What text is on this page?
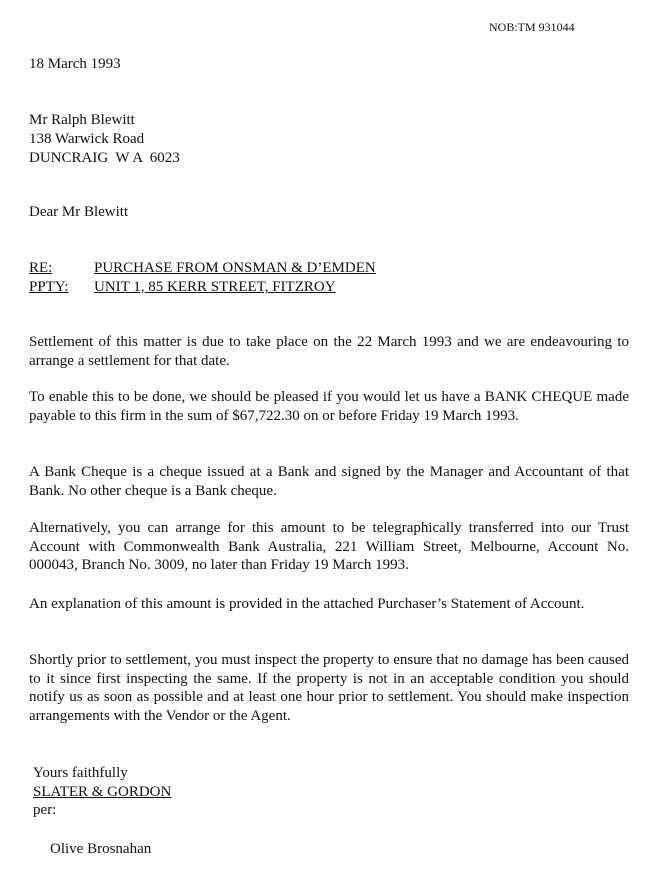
NOB:TM 931044
18 March 1993
Mr Ralph Blewitt
138 Warwick Road
DUNCRAIG  W A  6023
Dear Mr Blewitt
RE:	PURCHASE FROM ONSMAN & D’EMDEN
PPTY:	UNIT 1, 85 KERR STREET, FITZROY
Settlement of this matter is due to take place on the 22 March 1993 and we are endeavouring to arrange a settlement for that date.
To enable this to be done, we should be pleased if you would let us have a BANK CHEQUE made payable to this firm in the sum of $67,722.30 on or before Friday 19 March 1993.
A Bank Cheque is a cheque issued at a Bank and signed by the Manager and Accountant of that Bank. No other cheque is a Bank cheque.
Alternatively, you can arrange for this amount to be telegraphically transferred into our Trust Account with Commonwealth Bank Australia, 221 William Street, Melbourne, Account No. 000043, Branch No. 3009, no later than Friday 19 March 1993.
An explanation of this amount is provided in the attached Purchaser’s Statement of Account.
Shortly prior to settlement, you must inspect the property to ensure that no damage has been caused to it since first inspecting the same. If the property is not in an acceptable condition you should notify us as soon as possible and at least one hour prior to settlement. You should make inspection arrangements with the Vendor or the Agent.
Yours faithfully
SLATER & GORDON
per:
Olive Brosnahan
